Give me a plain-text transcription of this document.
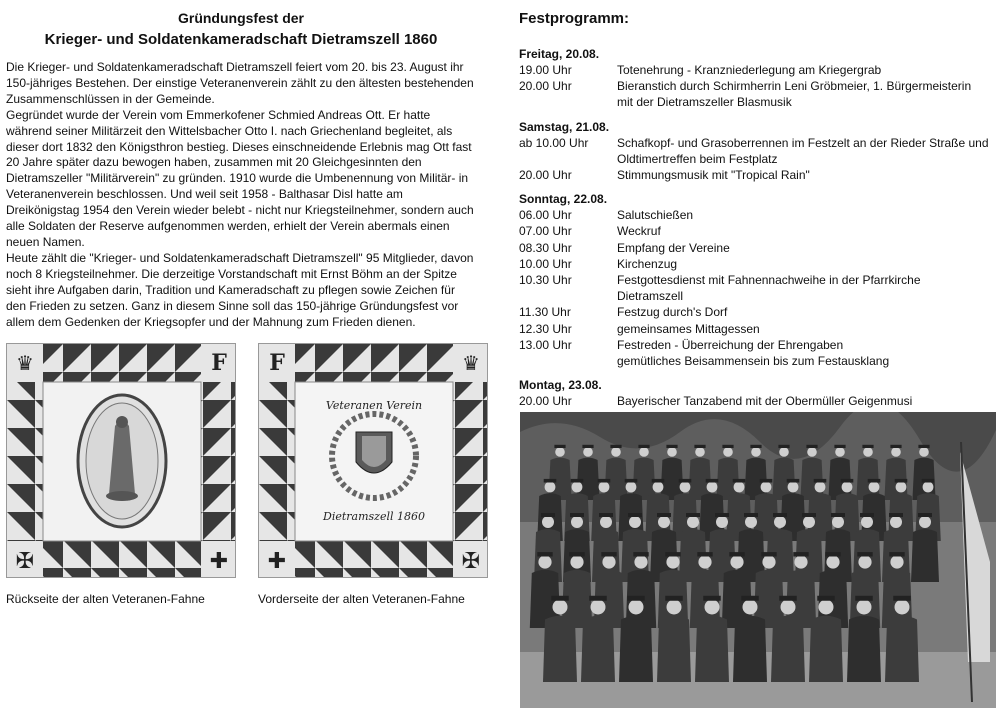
Gründungsfest der
Krieger- und Soldatenkameradschaft Dietramszell 1860

Die Krieger- und Soldatenkameradschaft Dietramszell feiert vom 20. bis 23. August ihr 150-jähriges Bestehen. Der einstige Veteranenverein zählt zu den ältesten bestehenden Zusammenschlüssen in der Gemeinde.

Gegründet wurde der Verein vom Emmerkofener Schmied Andreas Ott. Er hatte während seiner Militärzeit den Wittelsbacher Otto I. nach Griechenland begleitet, als dieser dort 1832 den Königsthron bestieg. Dieses einschneidende Erlebnis mag Ott fast 20 Jahre später dazu bewogen haben, zusammen mit 20 Gleichgesinnten den Dietramszeller "Militärverein" zu gründen. 1910 wurde die Umbenennung von Militär- in Veteranenverein beschlossen. Und weil seit 1958 - Balthasar Disl hatte am Dreikönigstag 1954 den Verein wieder belebt - nicht nur Kriegsteilnehmer, sondern auch alle Soldaten der Reserve aufgenommen werden, erhielt der Verein abermals einen neuen Namen.

Heute zählt die "Krieger- und Soldatenkameradschaft Dietramszell" 95 Mitglieder, davon noch 8 Kriegsteilnehmer. Die derzeitige Vorstandschaft mit Ernst Böhm an der Spitze sieht ihre Aufgaben darin, Tradition und Kameradschaft zu pflegen sowie Zeichen für den Frieden zu setzen. Ganz in diesem Sinne soll das 150-jährige Gründungsfest vor allem dem Gedenken der Kriegsopfer und der Mahnung zum Frieden dienen.

♛	F
✠	✚
Veteranen Verein
Dietramszell 1860
F	♛
✚	✠
Rückseite der alten Veteranen-Fahne	Vorderseite der alten Veteranen-Fahne
Festprogramm:
Freitag, 20.08.
19.00 Uhr	Totenehrung - Kranzniederlegung am Kriegergrab
20.00 Uhr	Bieranstich durch Schirmherrin Leni Gröbmeier, 1. Bürgermeisterin
mit der Dietramszeller Blasmusik
Samstag, 21.08.
ab 10.00 Uhr	Schafkopf- und Grasoberrennen im Festzelt an der Rieder Straße und
Oldtimertreffen beim Festplatz
20.00 Uhr	Stimmungsmusik mit "Tropical Rain"
Sonntag, 22.08.
06.00 Uhr	Salutschießen
07.00 Uhr	Weckruf
08.30 Uhr	Empfang der Vereine
10.00 Uhr	Kirchenzug
10.30 Uhr	Festgottesdienst mit Fahnennachweihe in der Pfarrkirche Dietramszell
11.30 Uhr	Festzug durch's Dorf
12.30 Uhr	gemeinsames Mittagessen
13.00 Uhr	Festreden - Überreichung der Ehrengaben
gemütliches Beisammensein bis zum Festausklang
Montag, 23.08.
20.00 Uhr	Bayerischer Tanzabend mit der Obermüller Geigenmusi
